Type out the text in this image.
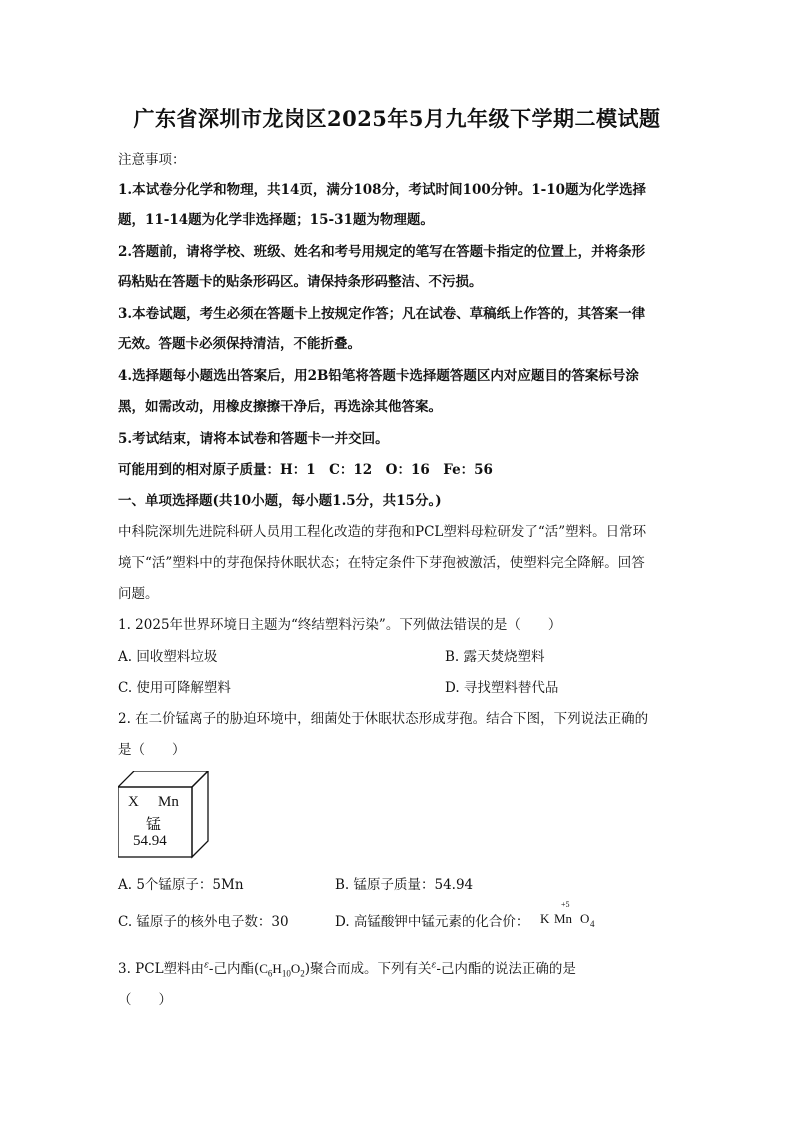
广东省深圳市龙岗区2025年5月九年级下学期二模试题
注意事项：
1.本试卷分化学和物理，共14页，满分108分，考试时间100分钟。1-10题为化学选择
题，11-14题为化学非选择题；15-31题为物理题。
2.答题前，请将学校、班级、姓名和考号用规定的笔写在答题卡指定的位置上，并将条形
码粘贴在答题卡的贴条形码区。请保持条形码整洁、不污损。
3.本卷试题，考生必须在答题卡上按规定作答；凡在试卷、草稿纸上作答的，其答案一律
无效。答题卡必须保持清洁，不能折叠。
4.选择题每小题选出答案后，用2B铅笔将答题卡选择题答题区内对应题目的答案标号涂
黑，如需改动，用橡皮擦擦干净后，再选涂其他答案。
5.考试结束，请将本试卷和答题卡一并交回。
可能用到的相对原子质量：H：1　C：12　O：16　Fe：56
一、单项选择题(共10小题，每小题1.5分，共15分。)
中科院深圳先进院科研人员用工程化改造的芽孢和PCL塑料母粒研发了“活”塑料。日常环
境下“活”塑料中的芽孢保持休眠状态；在特定条件下芽孢被激活，使塑料完全降解。回答
问题。
1. 2025年世界环境日主题为“终结塑料污染”。下列做法错误的是（　　）
A. 回收塑料垃圾	B. 露天焚烧塑料
C. 使用可降解塑料	D. 寻找塑料替代品
2. 在二价锰离子的胁迫环境中，细菌处于休眠状态形成芽孢。结合下图，下列说法正确的
是（　　）
X Mn
锰
54.94
A. 5个锰原子：5Mn	B. 锰原子质量：54.94
C. 锰原子的核外电子数：30	D. 高锰酸钾中锰元素的化合价：
+5
K Mn O 4
3. PCL塑料由$^\varepsilon$-己内酯$(C_6H_{10}O_2)$聚合而成。下列有关$^\varepsilon$-己内酯的说法正确的是
（　　）
